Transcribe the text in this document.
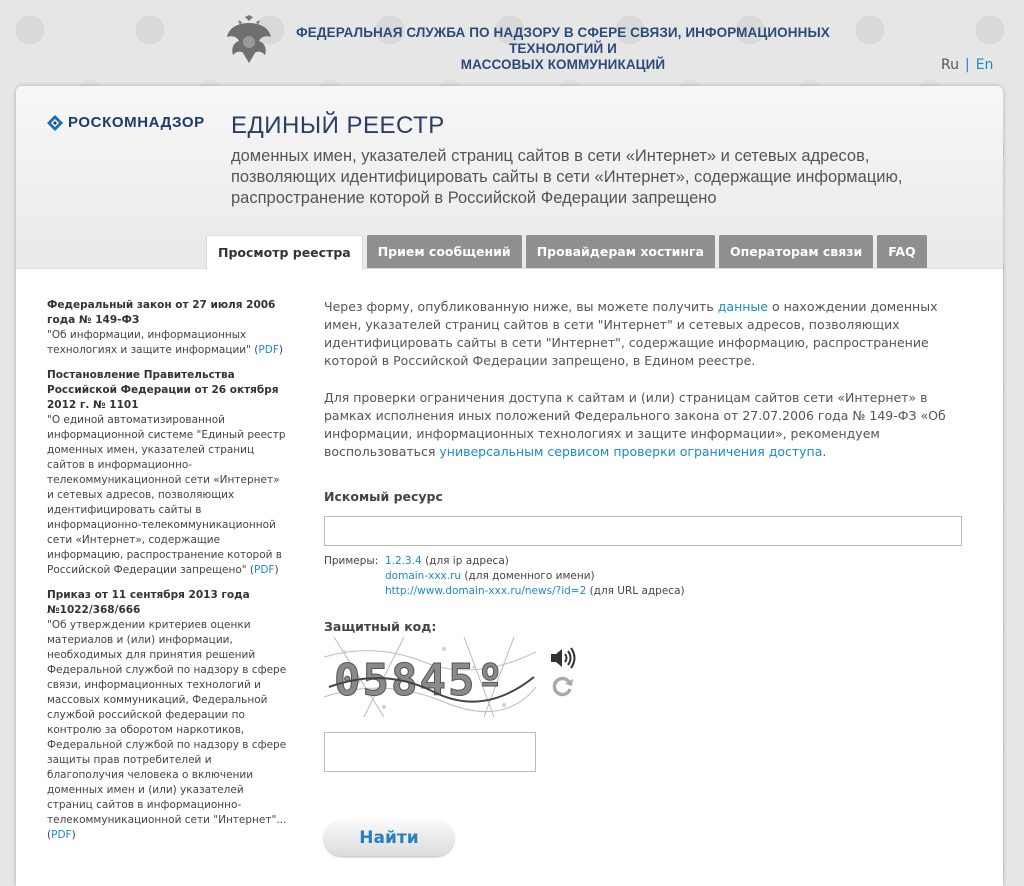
ФЕДЕРАЛЬНАЯ СЛУЖБА ПО НАДЗОРУ В СФЕРЕ СВЯЗИ, ИНФОРМАЦИОННЫХ ТЕХНОЛОГИЙ И
МАССОВЫХ КОММУНИКАЦИЙ	Ru | En
РОСКОМНАДЗОР ЕДИНЫЙ РЕЕСТР
доменных имен, указателей страниц сайтов в сети «Интернет» и сетевых адресов, позволяющих идентифицировать сайты в сети «Интернет», содержащие информацию, распространение которой в Российской Федерации запрещено
Просмотр реестра	Прием сообщений	Провайдерам хостинга	Операторам связи	FAQ
Федеральный закон от 27 июля 2006 года № 149-ФЗ
"Об информации, информационных технологиях и защите информации" (PDF)
Постановление Правительства Российской Федерации от 26 октября 2012 г. № 1101
"О единой автоматизированной информационной системе "Единый реестр доменных имен, указателей страниц сайтов в информационно-телекоммуникационной сети «Интернет» и сетевых адресов, позволяющих идентифицировать сайты в информационно-телекоммуникационной сети «Интернет», содержащие информацию, распространение которой в Российской Федерации запрещено" (PDF)
Приказ от 11 сентября 2013 года №1022/368/666
"Об утверждении критериев оценки материалов и (или) информации, необходимых для принятия решений Федеральной службой по надзору в сфере связи, информационных технологий и массовых коммуникаций, Федеральной службой российской федерации по контролю за оборотом наркотиков, Федеральной службой по надзору в сфере защиты прав потребителей и благополучия человека о включении доменных имен и (или) указателей страниц сайтов в информационно-телекоммуникационной сети "Интернет"... (PDF)

Через форму, опубликованную ниже, вы можете получить данные о нахождении доменных имен, указателей страниц сайтов в сети "Интернет" и сетевых адресов, позволяющих идентифицировать сайты в сети "Интернет", содержащие информацию, распространение которой в Российской Федерации запрещено, в Едином реестре.

Для проверки ограничения доступа к сайтам и (или) страницам сайтов сети «Интернет» в рамках исполнения иных положений Федерального закона от 27.07.2006 года № 149-ФЗ «Об информации, информационных технологиях и защите информации», рекомендуем воспользоваться универсальным сервисом проверки ограничения доступа.

Искомый ресурс
Примеры: 1.2.3.4 (для ip адреса)
domain-xxx.ru (для доменного имени)
http://www.domain-xxx.ru/news/?id=2 (для URL адреса)
Защитный код:
05845º
Найти
